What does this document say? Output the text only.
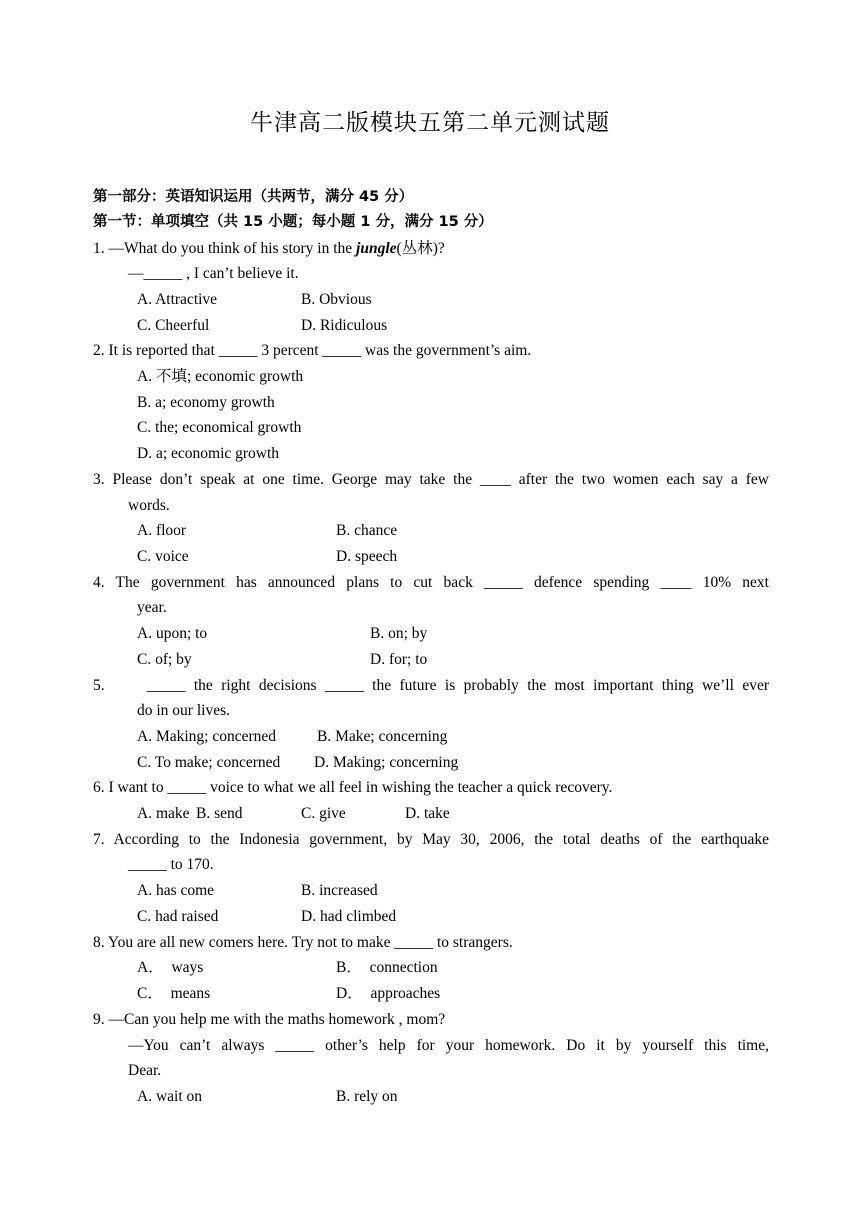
牛津高二版模块五第二单元测试题
第一部分：英语知识运用（共两节，满分 45 分）
第一节：单项填空（共 15 小题；每小题 1 分，满分 15 分）
1. —What do you think of his story in the jungle(丛林)?
—_____ , I can’t believe it.
A. Attractive	B. Obvious
C. Cheerful	D. Ridiculous
2. It is reported that _____ 3 percent _____ was the government’s aim.
A. 不填; economic growth
B. a; economy growth
C. the; economical growth
D. a; economic growth
3. Please don’t speak at one time. George may take the ____ after the two women each say a few
words.
A. floor	B. chance
C. voice	D. speech
4. The government has announced plans to cut back _____ defence spending ____ 10% next
year.
A. upon; to	B. on; by
C. of; by	D. for; to
5.     _____ the right decisions _____ the future is probably the most important thing we’ll ever
do in our lives.
A. Making; concerned	B. Make; concerning
C. To make; concerned D. Making; concerning
6. I want to _____ voice to what we all feel in wishing the teacher a quick recovery.
A. make B. send	C. give	D. take
7. According to the Indonesia government, by May 30, 2006, the total deaths of the earthquake
_____ to 170.
A. has come	B. increased
C. had raised	D. had climbed
8. You are all new comers here. Try not to make _____ to strangers.
A．  ways	B．  connection
C．  means	D．  approaches
9. —Can you help me with the maths homework , mom?
—You can’t always _____ other’s help for your homework. Do it by yourself this time,
Dear.
A. wait on	B. rely on
